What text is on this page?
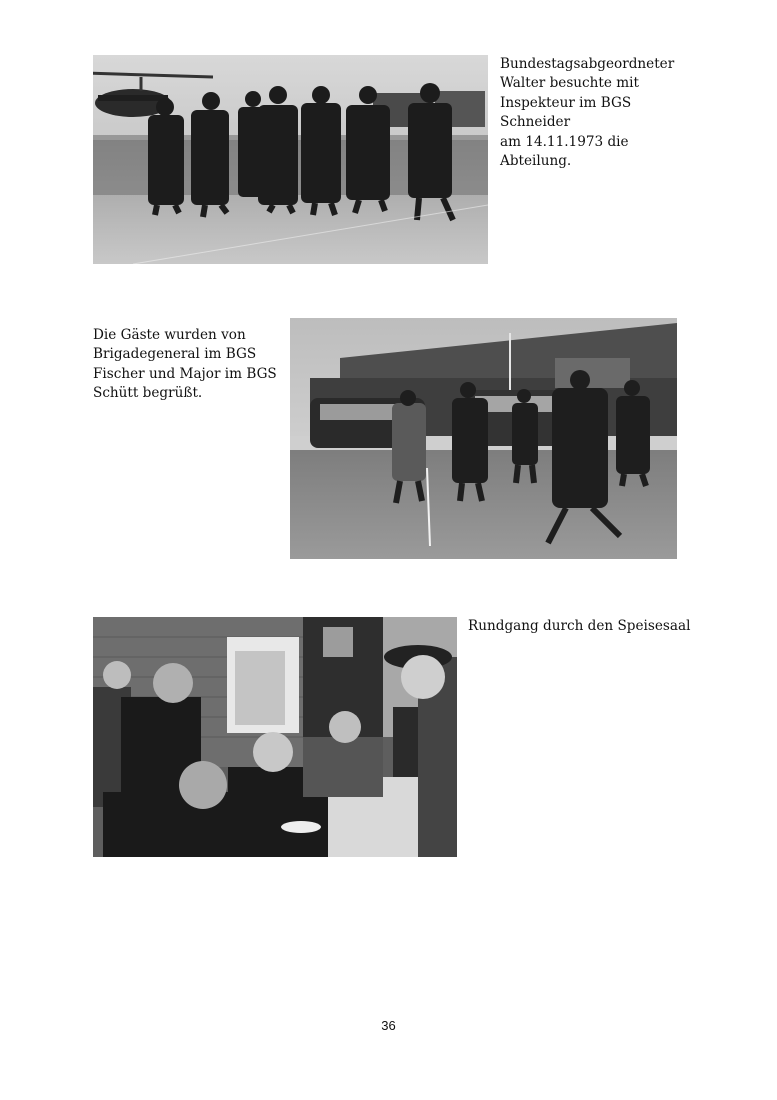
Bundestagsabgeordneter
Walter besuchte mit
Inspekteur im BGS Schneider
am 14.11.1973 die Abteilung.
Die Gäste wurden von
Brigadegeneral im BGS
Fischer und Major im BGS
Schütt begrüßt.
Rundgang durch den Speisesaal
36
